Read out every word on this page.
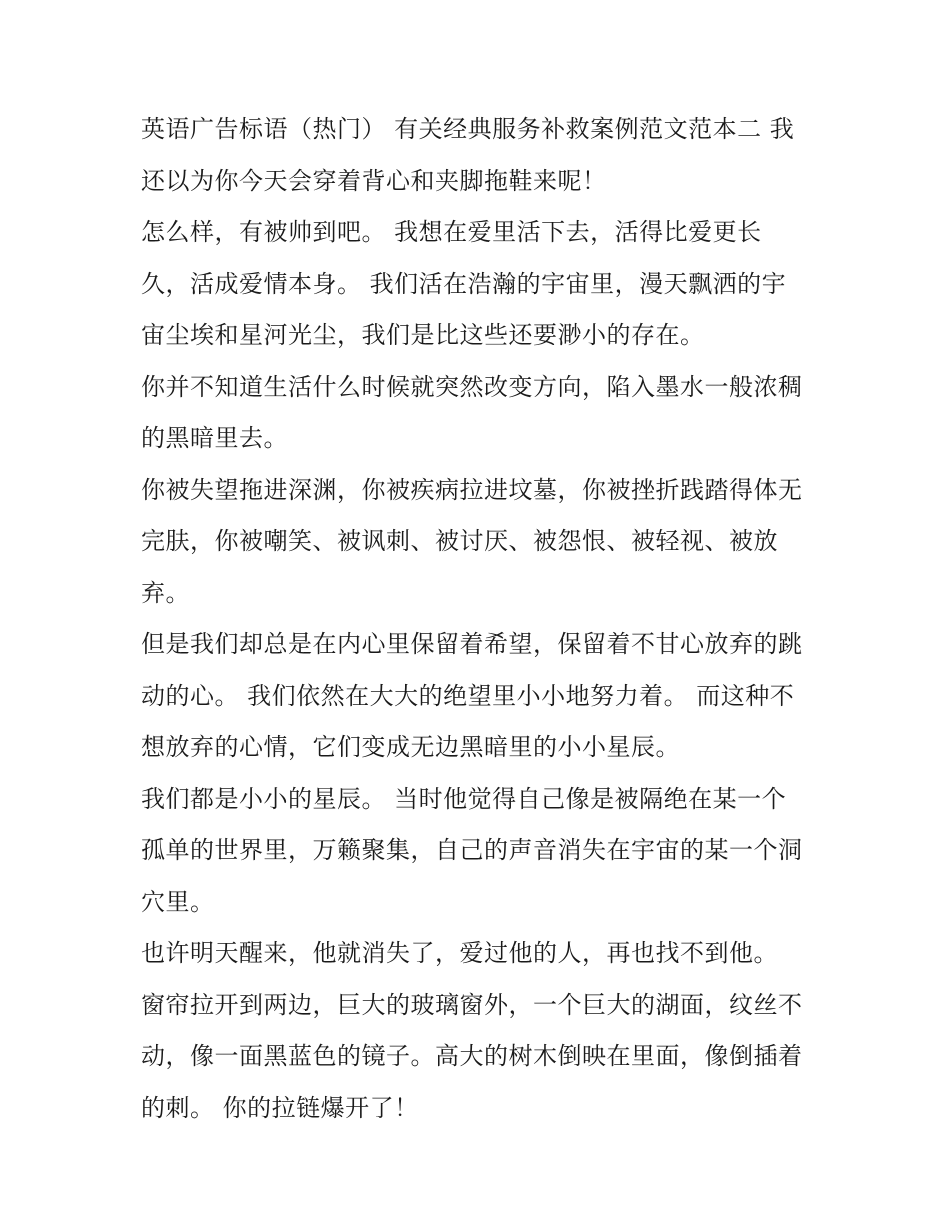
英语广告标语（热门） 有关经典服务补救案例范文范本二 我
还以为你今天会穿着背心和夹脚拖鞋来呢！
怎么样，有被帅到吧。 我想在爱里活下去，活得比爱更长
久，活成爱情本身。 我们活在浩瀚的宇宙里，漫天飘洒的宇
宙尘埃和星河光尘，我们是比这些还要渺小的存在。
你并不知道生活什么时候就突然改变方向，陷入墨水一般浓稠
的黑暗里去。
你被失望拖进深渊，你被疾病拉进坟墓，你被挫折践踏得体无
完肤，你被嘲笑、被讽刺、被讨厌、被怨恨、被轻视、被放
弃。
但是我们却总是在内心里保留着希望，保留着不甘心放弃的跳
动的心。 我们依然在大大的绝望里小小地努力着。 而这种不
想放弃的心情，它们变成无边黑暗里的小小星辰。
我们都是小小的星辰。 当时他觉得自己像是被隔绝在某一个
孤单的世界里，万籁聚集，自己的声音消失在宇宙的某一个洞
穴里。
也许明天醒来，他就消失了，爱过他的人，再也找不到他。
窗帘拉开到两边，巨大的玻璃窗外，一个巨大的湖面，纹丝不
动，像一面黑蓝色的镜子。高大的树木倒映在里面，像倒插着
的刺。 你的拉链爆开了！
